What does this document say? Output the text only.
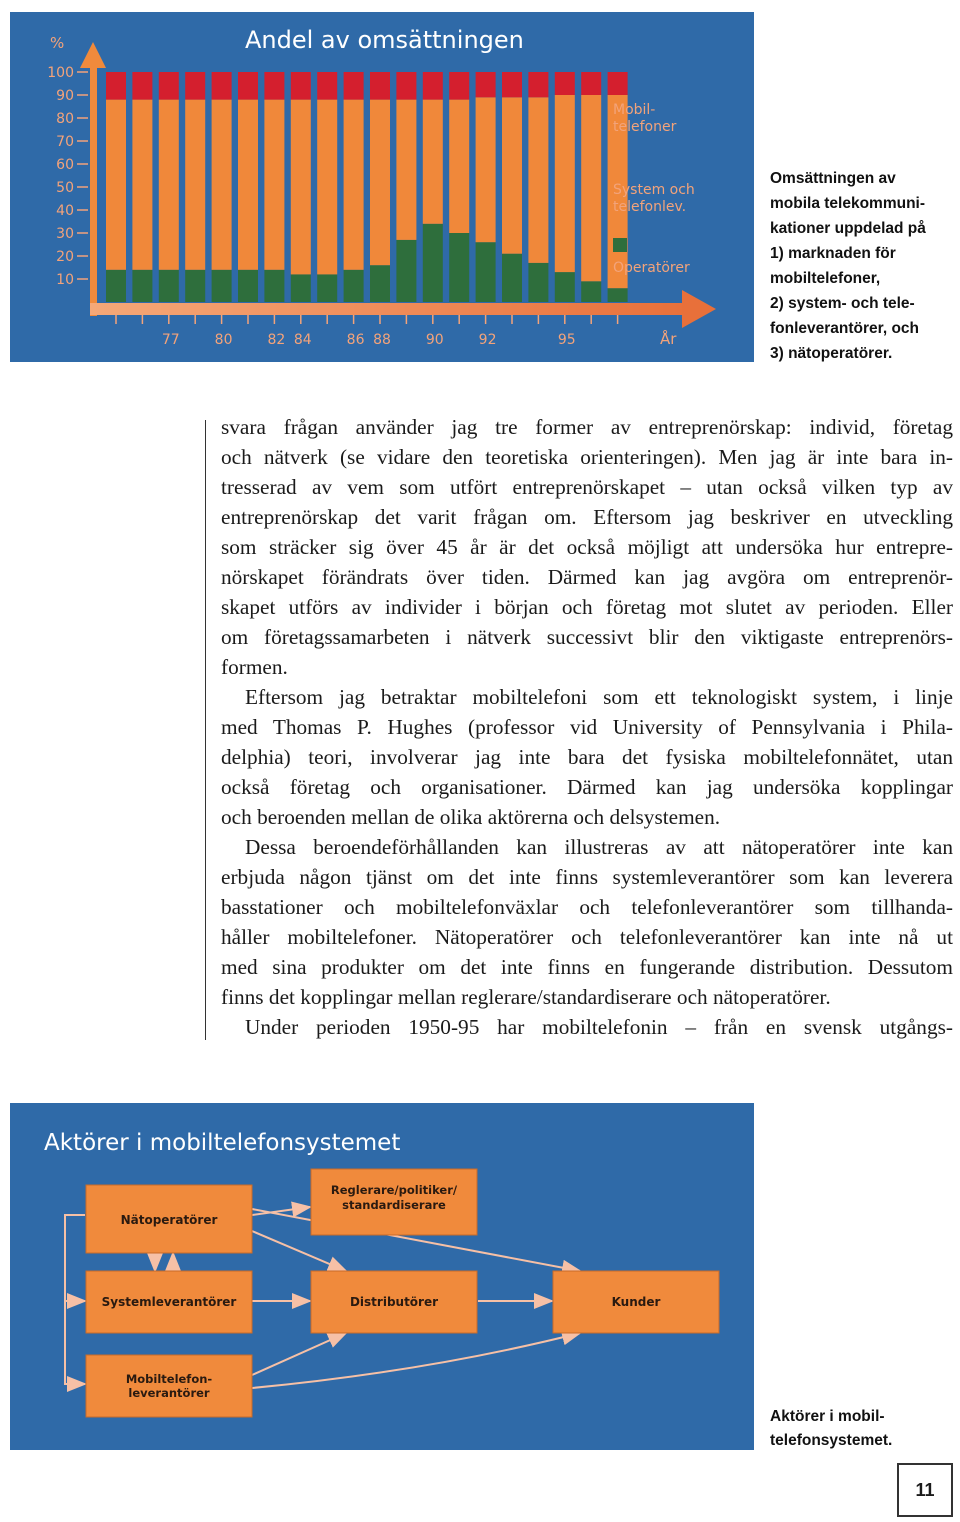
Andel av omsättningen
%
100
90
80
70
60
50
40
30
20
10
77 80 82 84 86 88 90 92	95
Mobil-
telefoner
System och
telefonlev.
Operatörer
År
Omsättningen av
mobila telekommuni-
kationer uppdelad på
1) marknaden för
mobiltelefoner,
2) system- och tele-
fonleverantörer, och
3) nätoperatörer.
svara frågan använder jag tre former av entreprenörskap: individ, företag
och nätverk (se vidare den teoretiska orienteringen). Men jag är inte bara in-
tresserad av vem som utfört entreprenörskapet – utan också vilken typ av
entreprenörskap det varit frågan om. Eftersom jag beskriver en utveckling
som sträcker sig över 45 år är det också möjligt att undersöka hur entrepre-
nörskapet förändrats över tiden. Därmed kan jag avgöra om entreprenör-
skapet utförs av individer i början och företag mot slutet av perioden. Eller
om företagssamarbeten i nätverk successivt blir den viktigaste entreprenörs-
formen.
Eftersom jag betraktar mobiltelefoni som ett teknologiskt system, i linje
med Thomas P. Hughes (professor vid University of Pennsylvania i Phila-
delphia) teori, involverar jag inte bara det fysiska mobiltelefonnätet, utan
också företag och organisationer. Därmed kan jag undersöka kopplingar
och beroenden mellan de olika aktörerna och delsystemen.
Dessa beroendeförhållanden kan illustreras av att nätoperatörer inte kan
erbjuda någon tjänst om det inte finns systemleverantörer som kan leverera
basstationer och mobiltelefonväxlar och telefonleverantörer som tillhanda-
håller mobiltelefoner. Nätoperatörer och telefonleverantörer kan inte nå ut
med sina produkter om det inte finns en fungerande distribution. Dessutom
finns det kopplingar mellan reglerare/standardiserare och nätoperatörer.
Under perioden 1950-95 har mobiltelefonin – från en svensk utgångs-
Aktörer i mobiltelefonsystemet
Nätoperatörer
Reglerare/politiker/
standardiserare
Systemleverantörer	Distributörer	Kunder
Mobiltelefon-
leverantörer
Aktörer i mobil-
telefonsystemet.
11
